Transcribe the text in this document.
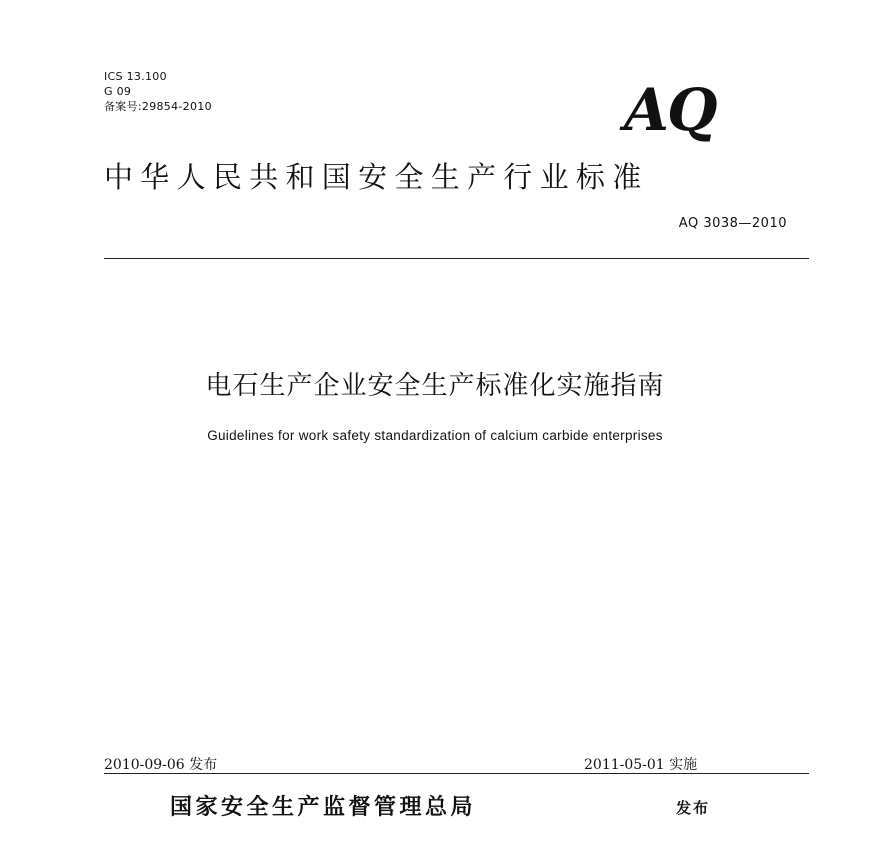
ICS 13.100
G 09
备案号:29854-2010	AQ
中华人民共和国安全生产行业标准
AQ 3038—2010
电石生产企业安全生产标准化实施指南
Guidelines for work safety standardization of calcium carbide enterprises
2010-09-06 发布	2011-05-01 实施
国家安全生产监督管理总局	发布
